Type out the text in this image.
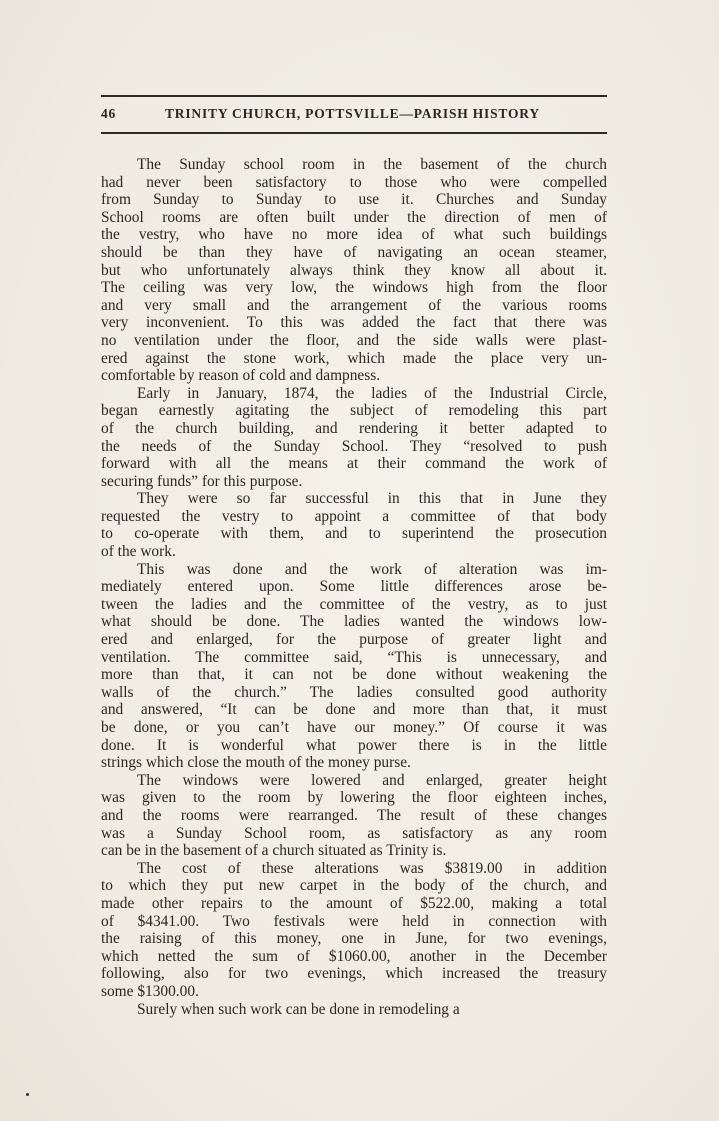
46	TRINITY CHURCH, POTTSVILLE—PARISH HISTORY
The Sunday school room in the basement of the church
had never been satisfactory to those who were compelled
from Sunday to Sunday to use it. Churches and Sunday
School rooms are often built under the direction of men of
the vestry, who have no more idea of what such buildings
should be than they have of navigating an ocean steamer,
but who unfortunately always think they know all about it.
The ceiling was very low, the windows high from the floor
and very small and the arrangement of the various rooms
very inconvenient. To this was added the fact that there was
no ventilation under the floor, and the side walls were plast-
ered against the stone work, which made the place very un-
comfortable by reason of cold and dampness.
Early in January, 1874, the ladies of the Industrial Circle,
began earnestly agitating the subject of remodeling this part
of the church building, and rendering it better adapted to
the needs of the Sunday School. They “resolved to push
forward with all the means at their command the work of
securing funds” for this purpose.
They were so far successful in this that in June they
requested the vestry to appoint a committee of that body
to co-operate with them, and to superintend the prosecution
of the work.
This was done and the work of alteration was im-
mediately entered upon. Some little differences arose be-
tween the ladies and the committee of the vestry, as to just
what should be done. The ladies wanted the windows low-
ered and enlarged, for the purpose of greater light and
ventilation. The committee said, “This is unnecessary, and
more than that, it can not be done without weakening the
walls of the church.” The ladies consulted good authority
and answered, “It can be done and more than that, it must
be done, or you can’t have our money.” Of course it was
done. It is wonderful what power there is in the little
strings which close the mouth of the money purse.
The windows were lowered and enlarged, greater height
was given to the room by lowering the floor eighteen inches,
and the rooms were rearranged. The result of these changes
was a Sunday School room, as satisfactory as any room
can be in the basement of a church situated as Trinity is.
The cost of these alterations was $3819.00 in addition
to which they put new carpet in the body of the church, and
made other repairs to the amount of $522.00, making a total
of $4341.00. Two festivals were held in connection with
the raising of this money, one in June, for two evenings,
which netted the sum of $1060.00, another in the December
following, also for two evenings, which increased the treasury
some $1300.00.
Surely when such work can be done in remodeling a
